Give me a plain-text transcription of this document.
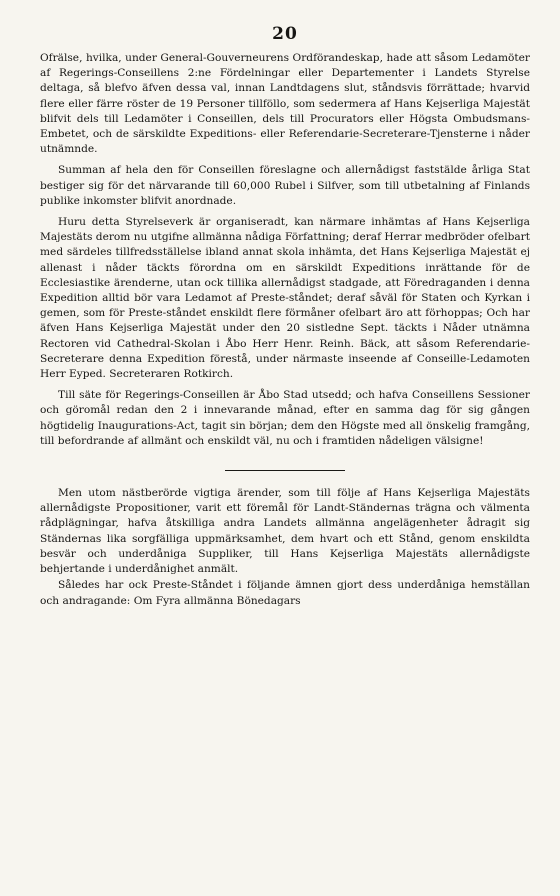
20

Ofrälse, hvilka, under General-Gouverneurens Ordförandeskap, hade att såsom Ledamöter af Regerings-Conseillens 2:ne Fördelningar eller Departementer i Landets Styrelse deltaga, så blefvo äfven dessa val, innan Landtdagens slut, ståndsvis förrättade; hvarvid flere eller färre röster de 19 Personer tillföllo, som sedermera af Hans Kejserliga Majestät blifvit dels till Ledamöter i Conseillen, dels till Procurators eller Högsta Ombudsmans-Embetet, och de särskildte Expeditions- eller Referendarie-Secreterare-Tjensterne i nåder utnämnde.

Summan af hela den för Conseillen föreslagne och allernådigst faststälde årliga Stat bestiger sig för det närvarande till 60,000 Rubel i Silfver, som till utbetalning af Finlands publike inkomster blifvit anordnade.

Huru detta Styrelseverk är organiseradt, kan närmare inhämtas af Hans Kejserliga Majestäts derom nu utgifne allmänna nådiga Författning; deraf Herrar medbröder ofelbart med särdeles tillfredsställelse ibland annat skola inhämta, det Hans Kejserliga Majestät ej allenast i nåder täckts förordna om en särskildt Expeditions inrättande för de Ecclesiastike ärenderne, utan ock tillika allernådigst stadgade, att Föredraganden i denna Expedition alltid bör vara Ledamot af Preste-ståndet; deraf såväl för Staten och Kyrkan i gemen, som för Preste-ståndet enskildt flere förmåner ofelbart äro att förhoppas; Och har äfven Hans Kejserliga Majestät under den 20 sistledne Sept. täckts i Nåder utnämna Rectoren vid Cathedral-Skolan i Åbo Herr Henr. Reinh. Bäck, att såsom Referendarie-Secreterare denna Expedition förestå, under närmaste inseende af Conseille-Ledamoten Herr Eyped. Secreteraren Rotkirch.

Till säte för Regerings-Conseillen är Åbo Stad utsedd; och hafva Conseillens Sessioner och göromål redan den 2 i innevarande månad, efter en samma dag för sig gången högtidelig Inaugurations-Act, tagit sin början; dem den Högste med all önskelig framgång, till befordrande af allmänt och enskildt väl, nu och i framtiden nådeligen välsigne!

Men utom nästberörde vigtiga ärender, som till följe af Hans Kejserliga Majestäts allernådigste Propositioner, varit ett föremål för Landt-Ständernas trägna och välmenta rådplägningar, hafva åtskilliga andra Landets allmänna angelägenheter ådragit sig Ständernas lika sorgfälliga uppmärksamhet, dem hvart och ett Stånd, genom enskildta besvär och underdåniga Suppliker, till Hans Kejserliga Majestäts allernådigste behjertande i underdånighet anmält.

Således har ock Preste-Ståndet i följande ämnen gjort dess underdåniga hemställan och andragande: Om Fyra allmänna Bönedagars
